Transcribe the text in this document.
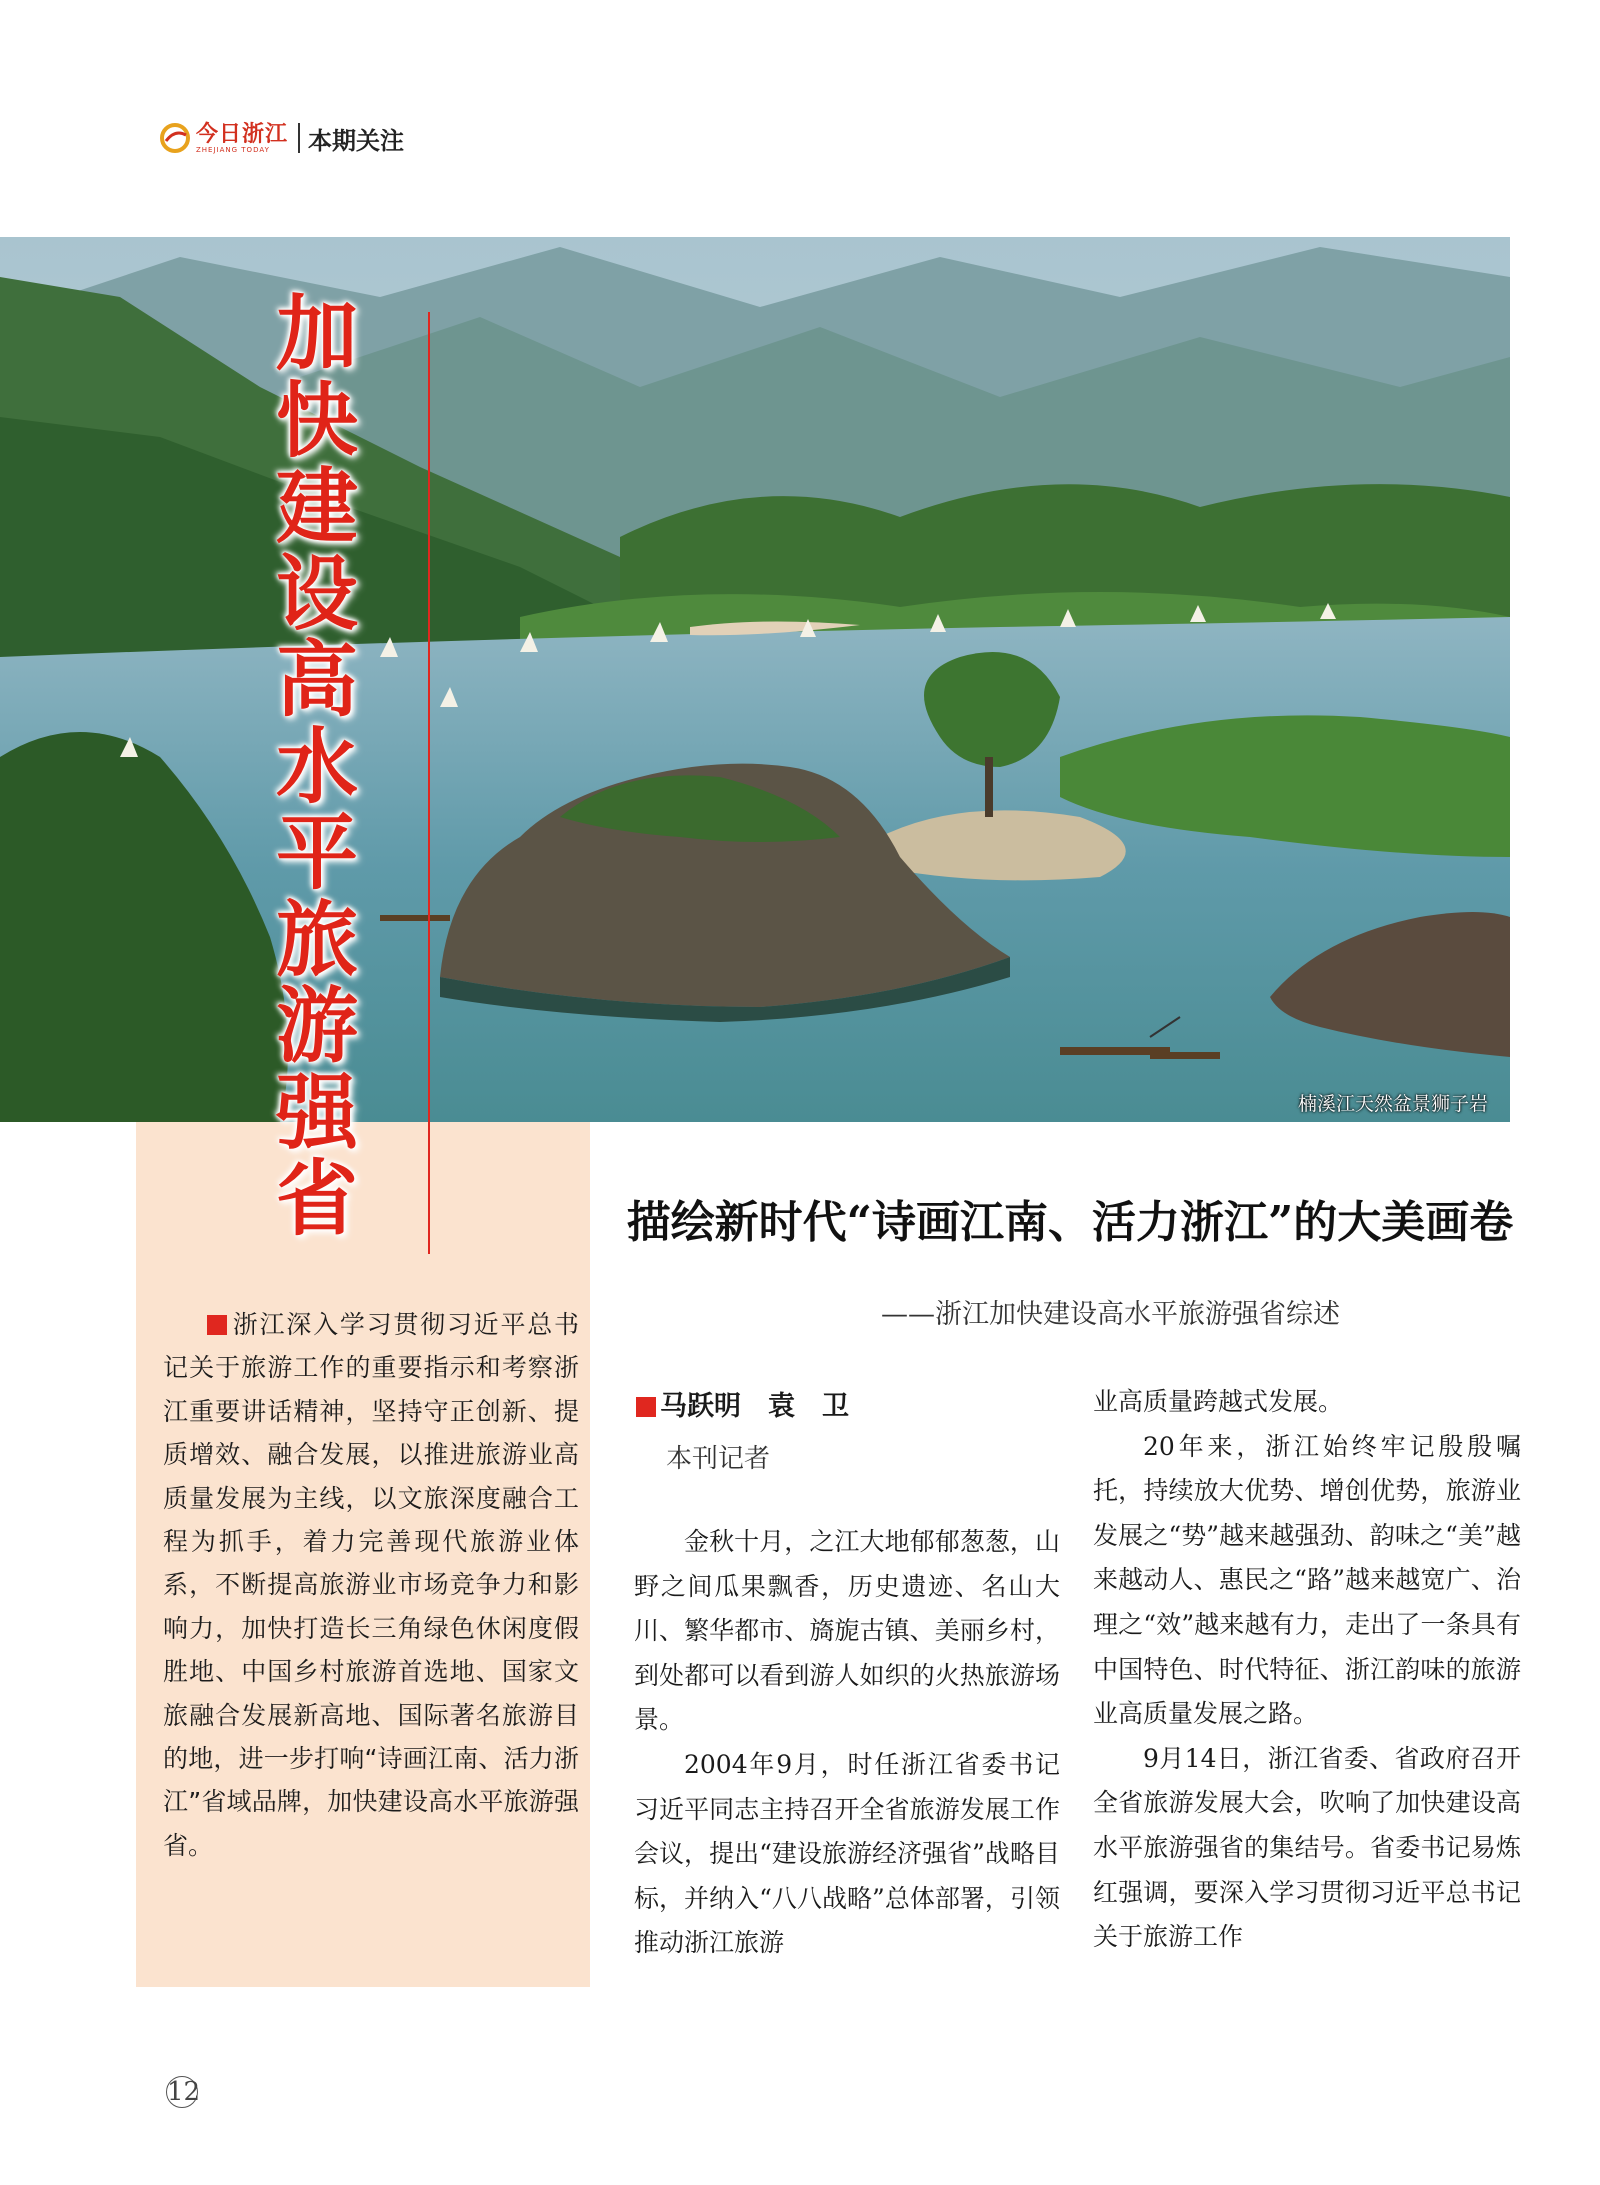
今日浙江
ZHEJIANG TODAY	本期关注
楠溪江天然盆景狮子岩
加快建设高水平旅游强省
浙江深入学习贯彻习近平总书记关于旅游工作的重要指示和考察浙江重要讲话精神，坚持守正创新、提质增效、融合发展，以推进旅游业高质量发展为主线，以文旅深度融合工程为抓手，着力完善现代旅游业体系，不断提高旅游业市场竞争力和影响力，加快打造长三角绿色休闲度假胜地、中国乡村旅游首选地、国家文旅融合发展新高地、国际著名旅游目的地，进一步打响“诗画江南、活力浙江”省域品牌，加快建设高水平旅游强省。
描绘新时代“诗画江南、活力浙江”的大美画卷
——浙江加快建设高水平旅游强省综述
马跃明　袁　卫
本刊记者

金秋十月，之江大地郁郁葱葱，山野之间瓜果飘香，历史遗迹、名山大川、繁华都市、旖旎古镇、美丽乡村，到处都可以看到游人如织的火热旅游场景。

2004年9月，时任浙江省委书记习近平同志主持召开全省旅游发展工作会议，提出“建设旅游经济强省”战略目标，并纳入“八八战略”总体部署，引领推动浙江旅游

业高质量跨越式发展。

20年来，浙江始终牢记殷殷嘱托，持续放大优势、增创优势，旅游业发展之“势”越来越强劲、韵味之“美”越来越动人、惠民之“路”越来越宽广、治理之“效”越来越有力，走出了一条具有中国特色、时代特征、浙江韵味的旅游业高质量发展之路。

9月14日，浙江省委、省政府召开全省旅游发展大会，吹响了加快建设高水平旅游强省的集结号。省委书记易炼红强调，要深入学习贯彻习近平总书记关于旅游工作

12
